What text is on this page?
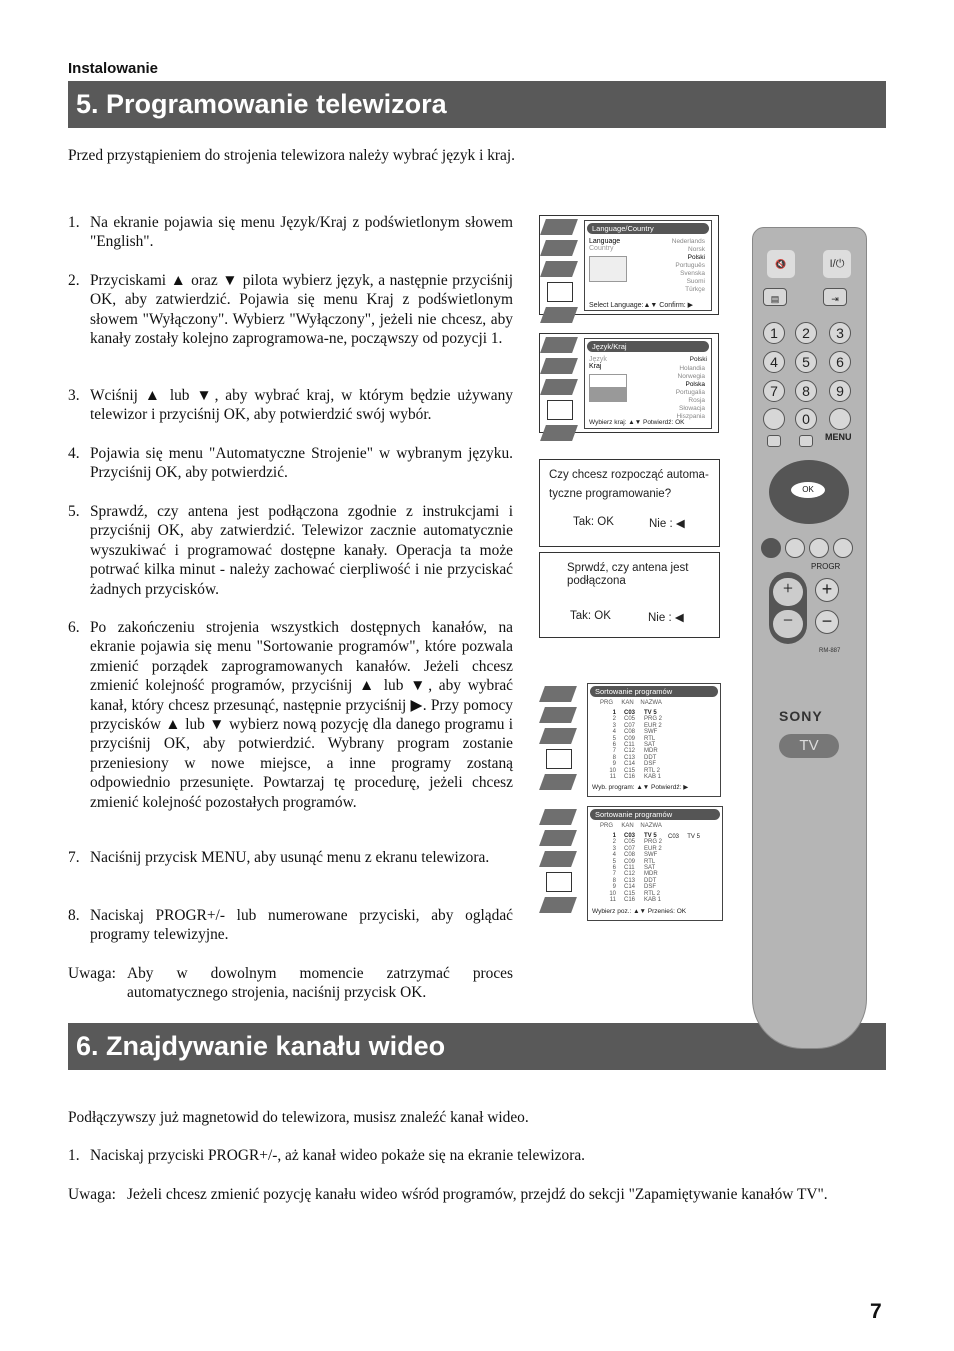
Instalowanie
5. Programowanie telewizora
Przed przystąpieniem do strojenia telewizora należy wybrać język i kraj.
1. Na ekranie pojawia się menu Język/Kraj z podświetlonym słowem "English".
2. Przyciskami ▲ oraz ▼ pilota wybierz język, a następnie przyciśnij OK, aby zatwierdzić. Pojawia się menu Kraj z podświetlonym słowem "Wyłączony". Wybierz "Wyłączony", jeżeli nie chcesz, aby kanały zostały kolejno zaprogramowa-ne, począwszy od pozycji 1.
3. Wciśnij ▲ lub ▼, aby wybrać kraj, w którym będzie używany telewizor i przyciśnij OK, aby potwierdzić swój wybór.
4. Pojawia się menu "Automatyczne Strojenie" w wybranym języku. Przyciśnij OK, aby potwierdzić.
5. Sprawdź, czy antena jest podłączona zgodnie z instrukcjami i przyciśnij OK, aby zatwierdzić. Telewizor zacznie automatycznie wyszukiwać i programować dostępne kanały. Operacja ta może potrwać kilka minut - należy zachować cierpliwość i nie przyciskać żadnych przycisków.
6. Po zakończeniu strojenia wszystkich dostępnych kanałów, na ekranie pojawia się menu "Sortowanie programów", które pozwala zmienić porządek zaprogramowanych kanałów. Jeżeli chcesz zmienić kolejność programów, przyciśnij ▲ lub ▼, aby wybrać kanał, który chcesz przesunąć, następnie przyciśnij ▶. Przy pomocy przycisków ▲ lub ▼ wybierz nową pozycję dla danego programu i przyciśnij OK, aby potwierdzić. Wybrany program zostanie przeniesiony w nowe miejsce, a inne programy zostaną odpowiednio przesunięte. Powtarzaj tę procedurę, jeżeli chcesz zmienić kolejność pozostałych programów.
7. Naciśnij przycisk MENU, aby usunąć menu z ekranu telewizora.
8. Naciskaj PROGR+/- lub numerowane przyciski, aby oglądać programy telewizyjne.
Uwaga: Aby w dowolnym momencie zatrzymać proces automatycznego strojenia, naciśnij przycisk OK.
6. Znajdywanie kanału wideo
Podłączywszy już magnetowid do telewizora, musisz znaleźć kanał wideo.
1. Naciskaj przyciski PROGR+/-, aż kanał wideo pokaże się na ekranie telewizora.
Uwaga: Jeżeli chcesz zmienić pozycję kanału wideo wśród programów, przejdź do sekcji "Zapamiętywanie kanałów TV".
7
Language/Country
Language
Country
Nederlands
Norsk
Polski
Português
Svenska
Suomi
Türkçe
Select Language:▲▼ Confirm: ▶
Język/Kraj
Język
Kraj
Polski
Holandia
Norwegia
Polska
Portugalia
Rosja
Słowacja
Hiszpania
Wybierz kraj: ▲▼ Potwierdź: OK
Czy chcesz rozpocząć automa-tyczne programowanie?
Tak: OK	Nie : ◀
Sprwdź, czy antena jest podłączona
Tak: OK	Nie : ◀
Sortowanie programów
PRG KAN NAZWA
1 C03 TV 5
2 C05 PRG 2
3 C07 EUR 2
4 C08 SWF
5 C09 RTL
6 C11 SAT
7 C12 MDR
8 C13 DDT
9 C14 DSF
10 C15 RTL 2
11 C16 KAB 1
Wyb. program: ▲▼ Potwierdź: ▶
Sortowanie programów
PRG KAN NAZWA
1 C03 TV 5
2 C05 PRG 2
3 C07 EUR 2
4 C08 SWF
5 C09 RTL
6 C11 SAT
7 C12 MDR
8 C13 DDT
9 C14 DSF
10 C15 RTL 2
11 C16 KAB 1
C03     TV 5
Wybierz poz.: ▲▼ Przenieś: OK
🔇	I/⏻
▤	⇥
1	2	3
4	5	6
7	8	9
0
MENU
OK
PROGR
+
−
+
−
RM-887
SONY
TV
